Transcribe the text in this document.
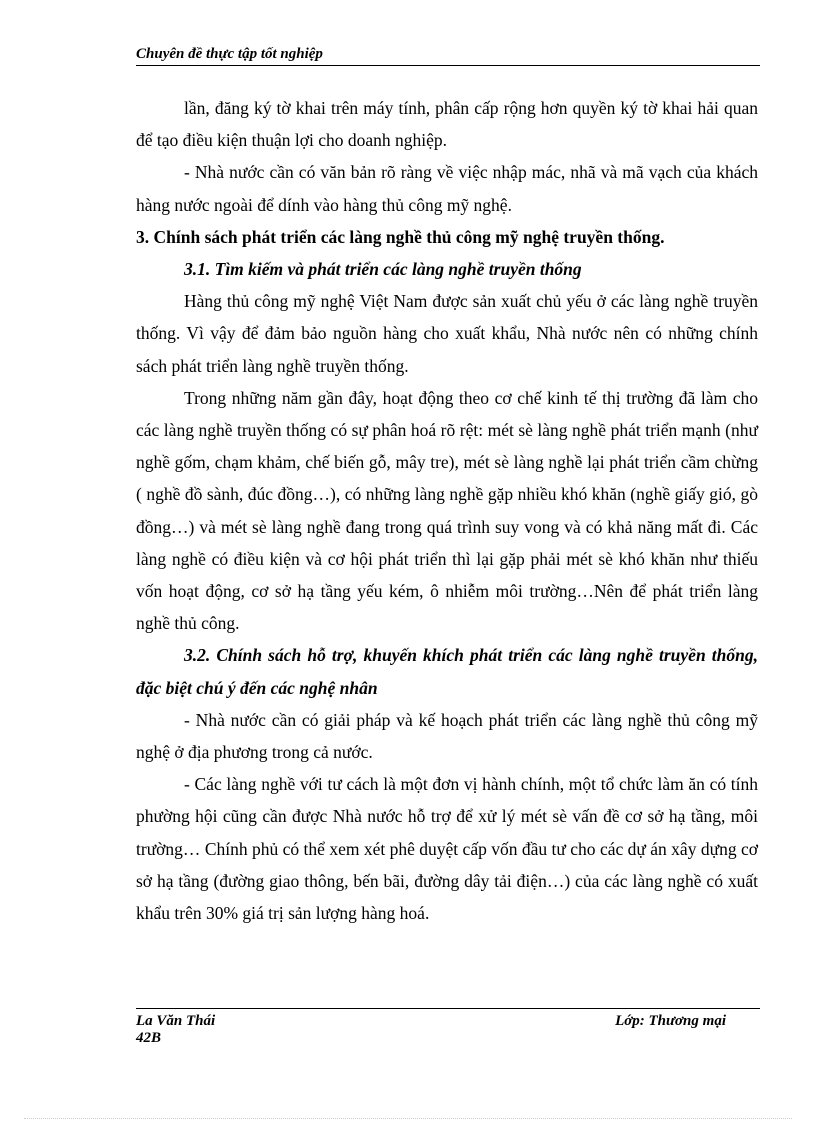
Chuyên đề thực tập tốt nghiệp

lần, đăng ký tờ khai trên máy tính, phân cấp rộng hơn quyền ký tờ khai hải quan để tạo điều kiện thuận lợi cho doanh nghiệp.

- Nhà nước cần có văn bản rõ ràng về việc nhập mác, nhã và mã vạch của khách hàng nước ngoài để dính vào hàng thủ công mỹ nghệ.

3. Chính sách phát triển các làng nghề thủ công mỹ nghệ truyền thống.

3.1. Tìm kiếm và phát triển các làng nghề truyền thống

Hàng thủ công mỹ nghệ Việt Nam được sản xuất chủ yếu ở các làng nghề truyền thống. Vì vậy để đảm bảo nguồn hàng cho xuất khẩu, Nhà nước nên có những chính sách phát triển làng nghề truyền thống.

Trong những năm gần đây, hoạt động theo cơ chế kinh tế thị trường đã làm cho các làng nghề truyền thống có sự phân hoá rõ rệt: mét sè làng nghề phát triển mạnh (như nghề gốm, chạm khảm, chế biến gỗ, mây tre), mét sè làng nghề lại phát triển cầm chừng ( nghề đồ sành, đúc đồng…), có những làng nghề gặp nhiều khó khăn (nghề giấy gió, gò đồng…) và mét sè làng nghề đang trong quá trình suy vong và có khả năng mất đi. Các làng nghề có điều kiện và cơ hội phát triển thì lại gặp phải mét sè khó khăn như thiếu vốn hoạt động, cơ sở hạ tầng yếu kém, ô nhiễm môi trường…Nên để phát triển làng nghề thủ công.

3.2. Chính sách hỗ trợ, khuyến khích phát triển các làng nghề truyền thống, đặc biệt chú ý đến các nghệ nhân

- Nhà nước cần có giải pháp và kế hoạch phát triển các làng nghề thủ công mỹ nghệ ở địa phương trong cả nước.

- Các làng nghề với tư cách là một đơn vị hành chính, một tổ chức làm ăn có tính phường hội cũng cần được Nhà nước hỗ trợ để xử lý mét sè vấn đề cơ sở hạ tầng, môi trường… Chính phủ có thể xem xét phê duyệt cấp vốn đầu tư cho các dự án xây dựng cơ sở hạ tầng (đường giao thông, bến bãi, đường dây tải điện…) của các làng nghề có xuất khẩu trên 30% giá trị sản lượng hàng hoá.

La Văn Thái	Lớp: Thương mại
42B
